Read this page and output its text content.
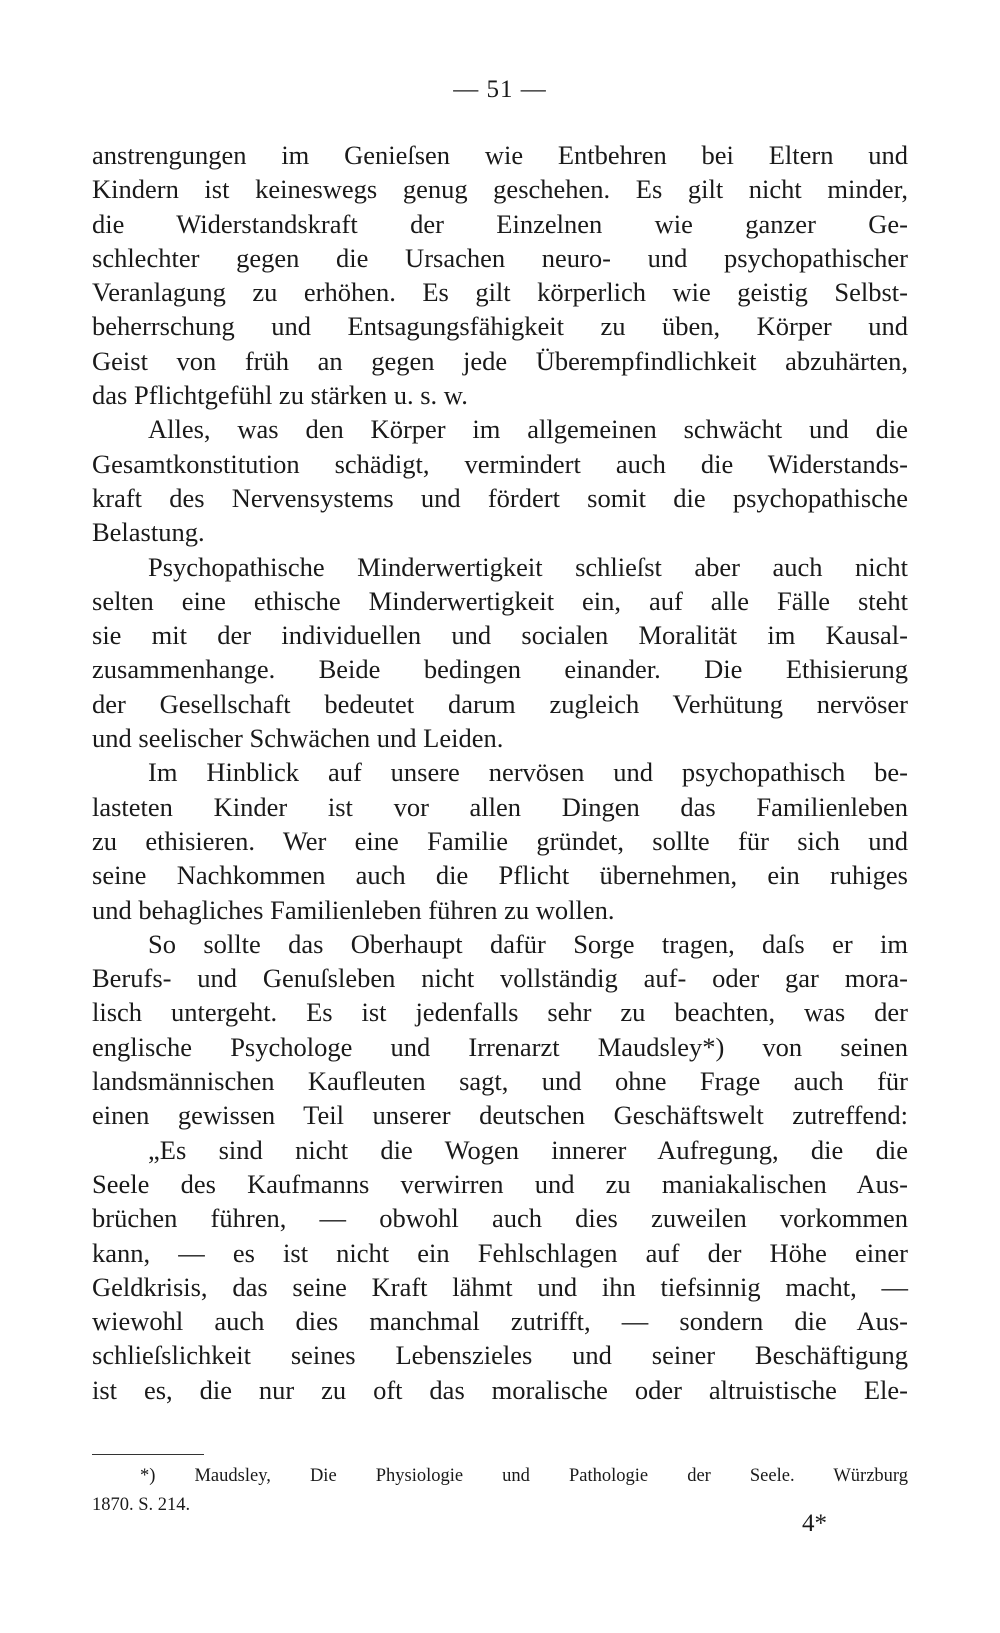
— 51 —
anstrengungen im Genieſsen wie Entbehren bei Eltern und
Kindern ist keineswegs genug geschehen. Es gilt nicht minder,
die Widerstandskraft der Einzelnen wie ganzer Ge-
schlechter gegen die Ursachen neuro- und psychopathischer
Veranlagung zu erhöhen. Es gilt körperlich wie geistig Selbst-
beherrschung und Entsagungsfähigkeit zu üben, Körper und
Geist von früh an gegen jede Überempfindlichkeit abzuhärten,
das Pflichtgefühl zu stärken u. s. w.
Alles, was den Körper im allgemeinen schwächt und die
Gesamtkonstitution schädigt, vermindert auch die Widerstands-
kraft des Nervensystems und fördert somit die psychopathische
Belastung.
Psychopathische Minderwertigkeit schlieſst aber auch nicht
selten eine ethische Minderwertigkeit ein, auf alle Fälle steht
sie mit der individuellen und socialen Moralität im Kausal-
zusammenhange. Beide bedingen einander. Die Ethisierung
der Gesellschaft bedeutet darum zugleich Verhütung nervöser
und seelischer Schwächen und Leiden.
Im Hinblick auf unsere nervösen und psychopathisch be-
lasteten Kinder ist vor allen Dingen das Familienleben
zu ethisieren. Wer eine Familie gründet, sollte für sich und
seine Nachkommen auch die Pflicht übernehmen, ein ruhiges
und behagliches Familienleben führen zu wollen.
So sollte das Oberhaupt dafür Sorge tragen, daſs er im
Berufs- und Genuſsleben nicht vollständig auf- oder gar mora-
lisch untergeht. Es ist jedenfalls sehr zu beachten, was der
englische Psychologe und Irrenarzt Maudsley*) von seinen
landsmännischen Kaufleuten sagt, und ohne Frage auch für
einen gewissen Teil unserer deutschen Geschäftswelt zutreffend:
„Es sind nicht die Wogen innerer Aufregung, die die
Seele des Kaufmanns verwirren und zu maniakalischen Aus-
brüchen führen, — obwohl auch dies zuweilen vorkommen
kann, — es ist nicht ein Fehlschlagen auf der Höhe einer
Geldkrisis, das seine Kraft lähmt und ihn tiefsinnig macht, —
wiewohl auch dies manchmal zutrifft, — sondern die Aus-
schlieſslichkeit seines Lebenszieles und seiner Beschäftigung
ist es, die nur zu oft das moralische oder altruistische Ele-
*) Maudsley, Die Physiologie und Pathologie der Seele. Würzburg
1870. S. 214.
4*
